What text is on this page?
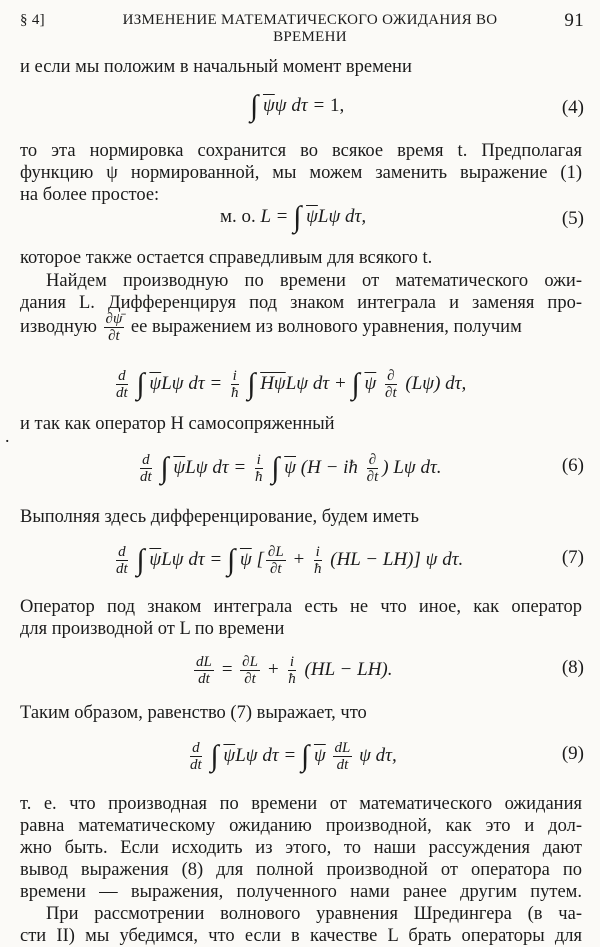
§ 4]	ИЗМЕНЕНИЕ МАТЕМАТИЧЕСКОГО ОЖИДАНИЯ ВО ВРЕМЕНИ
91
и если мы положим в начальный момент времени
∫ $\overline{\psi}\psi$ dτ = 1,	(4)
то эта нормировка сохранится во всякое время t. Предполагая
функцию ψ нормированной, мы можем заменить выражение (1)
на более простое:
м. о. L = ∫ $\overline{\psi}L\psi$ dτ,	(5)
которое также остается справедливым для всякого t.
Найдем производную по времени от математического ожи-
дания L. Дифференцируя под знаком интеграла и заменяя про-
изводную $\frac{\partial\psī}{\partial t}$ ее выражением из волнового уравнения, получим
$\frac{d}{dt}$ ∫ $\overline{\psi}L\psi$ $d\tau = \frac{i}{ħ}$ ∫ $\overline{H\psi}L\psi$ dτ + ∫ $\overline{\psi} \frac{\partial}{\partial t} (L\psi)$ dτ,
.
и так как оператор H самосопряженный
$\frac{d}{dt}$ ∫ $\overline{\psi}L\psi$ $d\tau = \frac{i}{ħ}$ ∫ $\overline{\psi}$ (H − iħ $\frac{\partial}{\partial t}$ ) Lψ dτ.	(6)
Выполняя здесь дифференцирование, будем иметь
$\frac{d}{dt}$ ∫ $\overline{\psi}L\psi$ dτ = ∫ $\overline{\psi}$ [ $\frac{\partial L}{\partial t} + \frac{i}{ħ} (HL - LH)$] ψ dτ.	(7)
Оператор под знаком интеграла есть не что иное, как оператор
для производной от L по времени
$\frac{dL}{dt} = \frac{\partial L}{\partial t} + \frac{i}{ħ} (HL - LH)$.	(8)
Таким образом, равенство (7) выражает, что
$\frac{d}{dt}$ ∫ $\overline{\psi}L\psi$ dτ = ∫ $\overline{\psi} \frac{dL}{dt}$ ψ dτ,	(9)
т. е. что производная по времени от математического ожидания
равна математическому ожиданию производной, как это и дол-
жно быть. Если исходить из этого, то наши рассуждения дают
вывод выражения (8) для полной производной от оператора по
времени — выражения, полученного нами ранее другим путем.
При рассмотрении волнового уравнения Шредингера (в ча-
сти II) мы убедимся, что если в качестве L брать операторы для
